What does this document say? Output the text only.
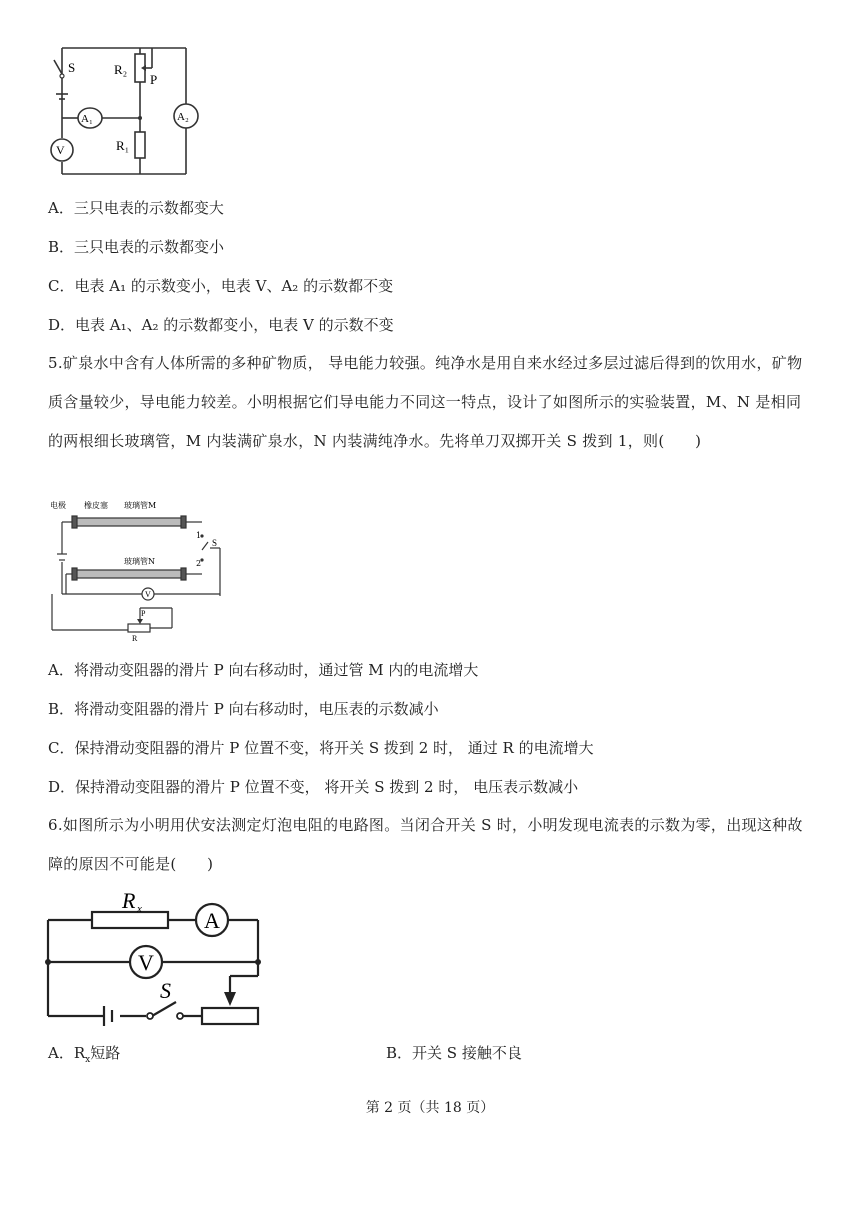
S	R₂
P
A₁
V	R₁
A₂
A．三只电表的示数都变大
B．三只电表的示数都变小
C．电表 A₁ 的示数变小，电表 V、A₂ 的示数都不变
D．电表 A₁、A₂ 的示数都变小，电表 V 的示数不变
5.矿泉水中含有人体所需的多种矿物质， 导电能力较强。纯净水是用自来水经过多层过滤后得到的饮用水，矿物质含量较少，导电能力较差。小明根据它们导电能力不同这一特点，设计了如图所示的实验装置，M、N 是相同的两根细长玻璃管，M 内装满矿泉水，N 内装满纯净水。先将单刀双掷开关 S 拨到 1，则(　　)
电极 橡皮塞 玻璃管M
玻璃管N
S
1
2
V
P
R
A．将滑动变阻器的滑片 P 向右移动时，通过管 M 内的电流增大
B．将滑动变阻器的滑片 P 向右移动时，电压表的示数减小
C．保持滑动变阻器的滑片 P 位置不变，将开关 S 拨到 2 时， 通过 R 的电流增大
D．保持滑动变阻器的滑片 P 位置不变， 将开关 S 拨到 2 时， 电压表示数减小
6.如图所示为小明用伏安法测定灯泡电阻的电路图。当闭合开关 S 时，小明发现电流表的示数为零，出现这种故障的原因不可能是(　　)
R x	A
V
S
A．$R_x$短路	B．开关 S 接触不良
第 2 页（共 18 页）
